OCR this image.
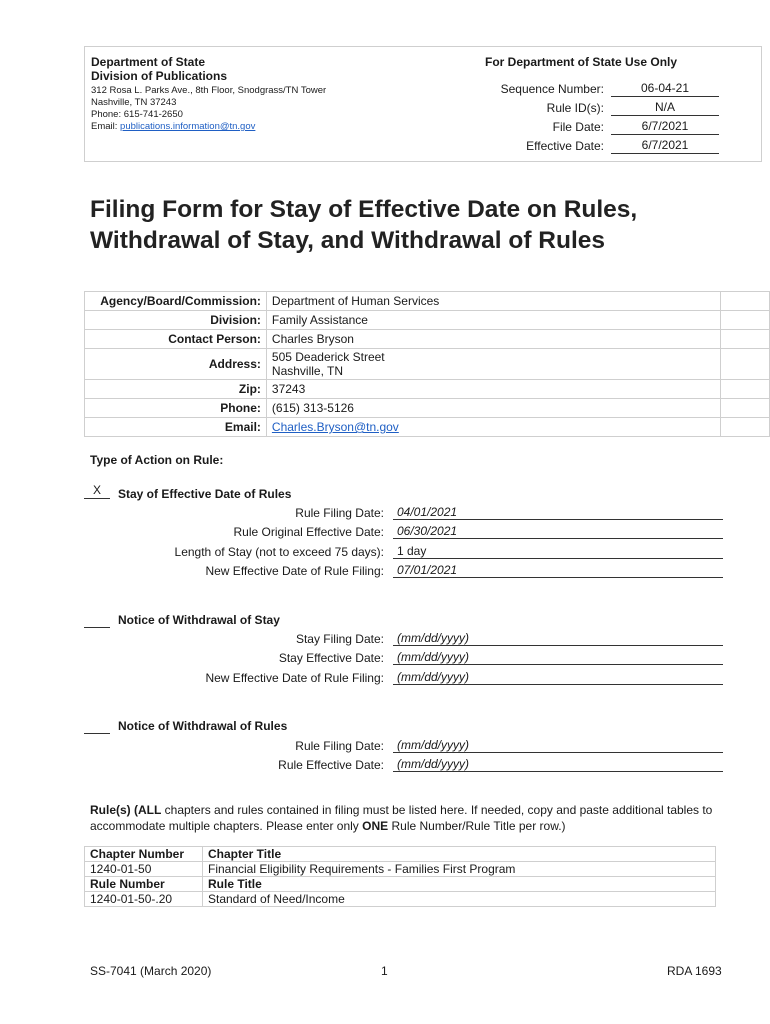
Department of State
Division of Publications
312 Rosa L. Parks Ave., 8th Floor, Snodgrass/TN Tower
Nashville, TN 37243
Phone: 615-741-2650
Email: publications.information@tn.gov
For Department of State Use Only
Sequence Number:	06-04-21
Rule ID(s):	N/A
File Date:	6/7/2021
Effective Date:	6/7/2021
Filing Form for Stay of Effective Date on Rules,
Withdrawal of Stay, and Withdrawal of Rules
Agency/Board/Commission:	Department of Human Services	
Division:	Family Assistance	
Contact Person:	Charles Bryson	
Address:	505 Deaderick Street
Nashville, TN	

Zip:	37243	
Phone:	(615) 313-5126	
Email:	Charles.Bryson@tn.gov	
Type of Action on Rule:
X	Stay of Effective Date of Rules
Rule Filing Date:	04/01/2021
Rule Original Effective Date:	06/30/2021
Length of Stay (not to exceed 75 days):	1 day
New Effective Date of Rule Filing:	07/01/2021
Notice of Withdrawal of Stay
Stay Filing Date:	(mm/dd/yyyy)
Stay Effective Date:	(mm/dd/yyyy)
New Effective Date of Rule Filing:	(mm/dd/yyyy)
Notice of Withdrawal of Rules
Rule Filing Date:	(mm/dd/yyyy)
Rule Effective Date:	(mm/dd/yyyy)
Rule(s) (ALL chapters and rules contained in filing must be listed here. If needed, copy and paste additional tables to accommodate multiple chapters. Please enter only ONE Rule Number/Rule Title per row.)
Chapter Number	Chapter Title
1240-01-50	Financial Eligibility Requirements - Families First Program
Rule Number	Rule Title
1240-01-50-.20	Standard of Need/Income
SS-7041 (March 2020)	1	RDA 1693
